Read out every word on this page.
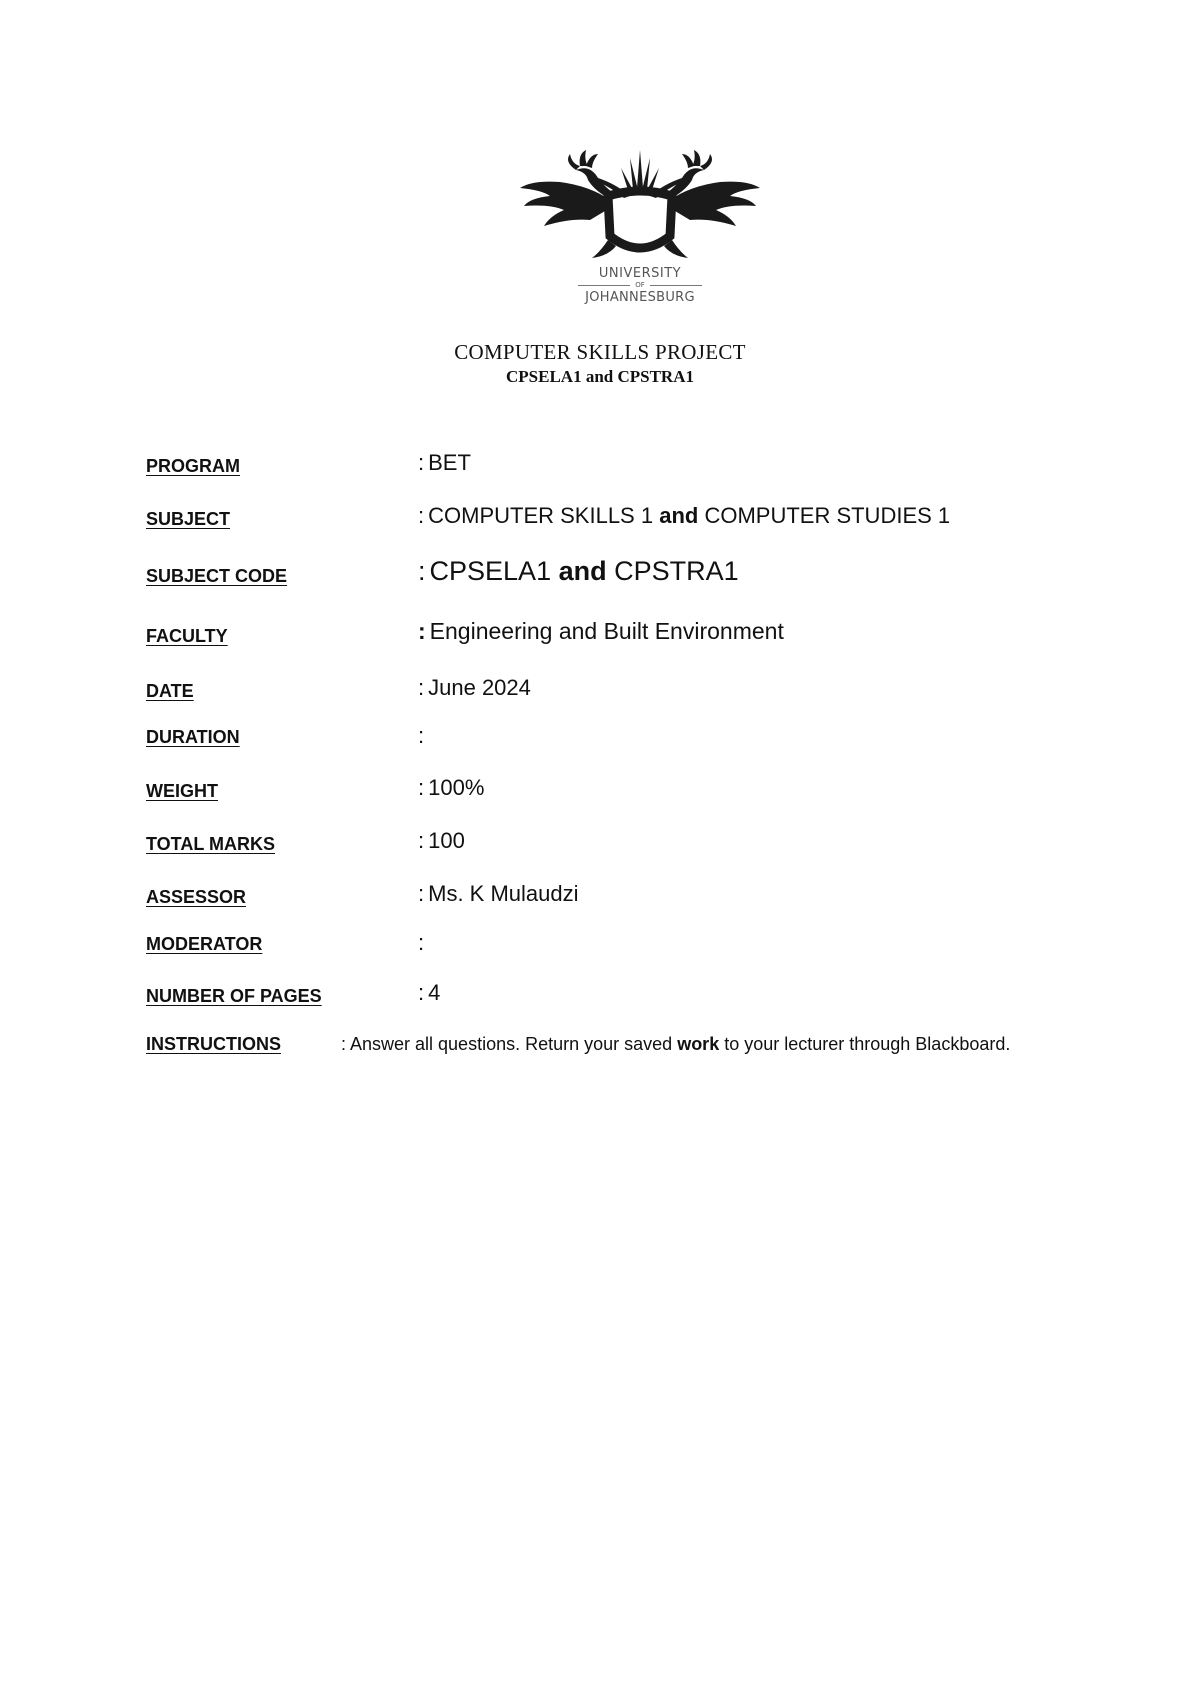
UNIVERSITY
OF
JOHANNESBURG
COMPUTER SKILLS PROJECT
CPSELA1 and CPSTRA1
PROGRAM	: BET
SUBJECT	: COMPUTER SKILLS 1 and COMPUTER STUDIES 1
SUBJECT CODE	: CPSELA1 and CPSTRA1
FACULTY	: Engineering and Built Environment
DATE	: June 2024
DURATION	:
WEIGHT	: 100%
TOTAL MARKS	: 100
ASSESSOR	: Ms. K Mulaudzi
MODERATOR	:
NUMBER OF PAGES	: 4
INSTRUCTIONS	: Answer all questions. Return your saved work to your lecturer through Blackboard.
